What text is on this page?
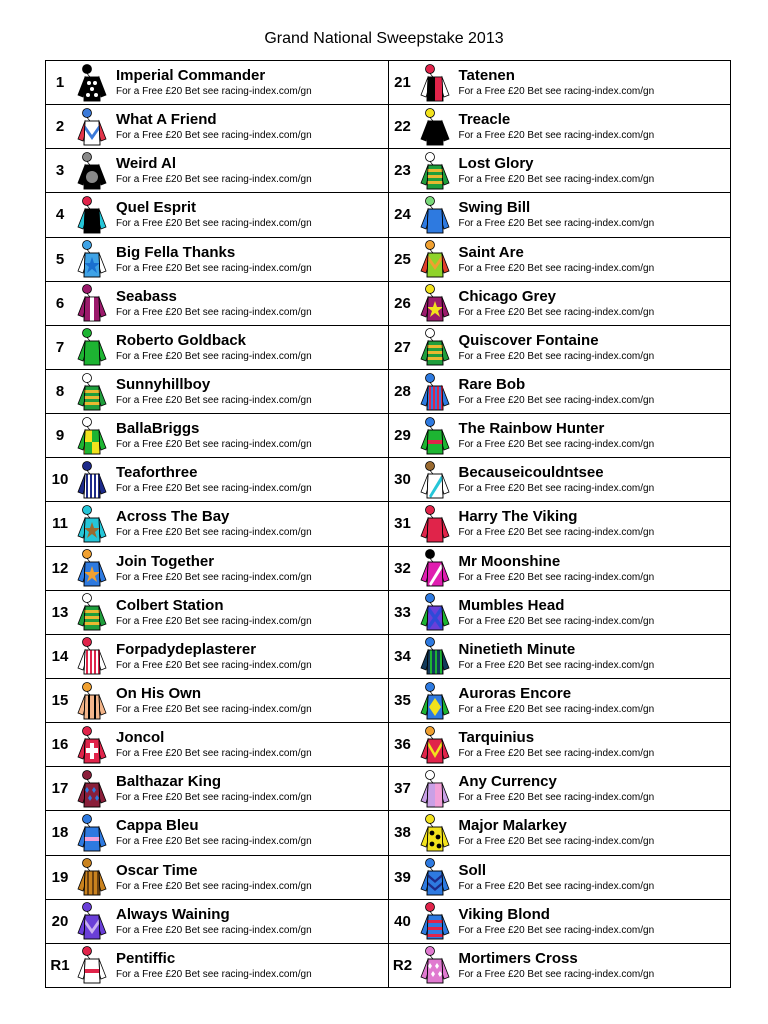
Grand National Sweepstake 2013
1	Imperial Commander
For a Free £20 Bet see racing-index.com/gn
2	What A Friend
For a Free £20 Bet see racing-index.com/gn
3	Weird Al
For a Free £20 Bet see racing-index.com/gn
4	Quel Esprit
For a Free £20 Bet see racing-index.com/gn
5	Big Fella Thanks
For a Free £20 Bet see racing-index.com/gn
6	Seabass
For a Free £20 Bet see racing-index.com/gn
7	Roberto Goldback
For a Free £20 Bet see racing-index.com/gn
8	Sunnyhillboy
For a Free £20 Bet see racing-index.com/gn
9	BallaBriggs
For a Free £20 Bet see racing-index.com/gn
10	Teaforthree
For a Free £20 Bet see racing-index.com/gn
11	Across The Bay
For a Free £20 Bet see racing-index.com/gn
12	Join Together
For a Free £20 Bet see racing-index.com/gn
13	Colbert Station
For a Free £20 Bet see racing-index.com/gn
14	Forpadydeplasterer
For a Free £20 Bet see racing-index.com/gn
15	On His Own
For a Free £20 Bet see racing-index.com/gn
16	Joncol
For a Free £20 Bet see racing-index.com/gn
17	Balthazar King
For a Free £20 Bet see racing-index.com/gn
18	Cappa Bleu
For a Free £20 Bet see racing-index.com/gn
19	Oscar Time
For a Free £20 Bet see racing-index.com/gn
20	Always Waining
For a Free £20 Bet see racing-index.com/gn
R1	Pentiffic
For a Free £20 Bet see racing-index.com/gn
21	Tatenen
For a Free £20 Bet see racing-index.com/gn
22	Treacle
For a Free £20 Bet see racing-index.com/gn
23	Lost Glory
For a Free £20 Bet see racing-index.com/gn
24	Swing Bill
For a Free £20 Bet see racing-index.com/gn
25	Saint Are
For a Free £20 Bet see racing-index.com/gn
26	Chicago Grey
For a Free £20 Bet see racing-index.com/gn
27	Quiscover Fontaine
For a Free £20 Bet see racing-index.com/gn
28	Rare Bob
For a Free £20 Bet see racing-index.com/gn
29	The Rainbow Hunter
For a Free £20 Bet see racing-index.com/gn
30	Becauseicouldntsee
For a Free £20 Bet see racing-index.com/gn
31	Harry The Viking
For a Free £20 Bet see racing-index.com/gn
32	Mr Moonshine
For a Free £20 Bet see racing-index.com/gn
33	Mumbles Head
For a Free £20 Bet see racing-index.com/gn
34	Ninetieth Minute
For a Free £20 Bet see racing-index.com/gn
35	Auroras Encore
For a Free £20 Bet see racing-index.com/gn
36	Tarquinius
For a Free £20 Bet see racing-index.com/gn
37	Any Currency
For a Free £20 Bet see racing-index.com/gn
38	Major Malarkey
For a Free £20 Bet see racing-index.com/gn
39	Soll
For a Free £20 Bet see racing-index.com/gn
40	Viking Blond
For a Free £20 Bet see racing-index.com/gn
R2	Mortimers Cross
For a Free £20 Bet see racing-index.com/gn
